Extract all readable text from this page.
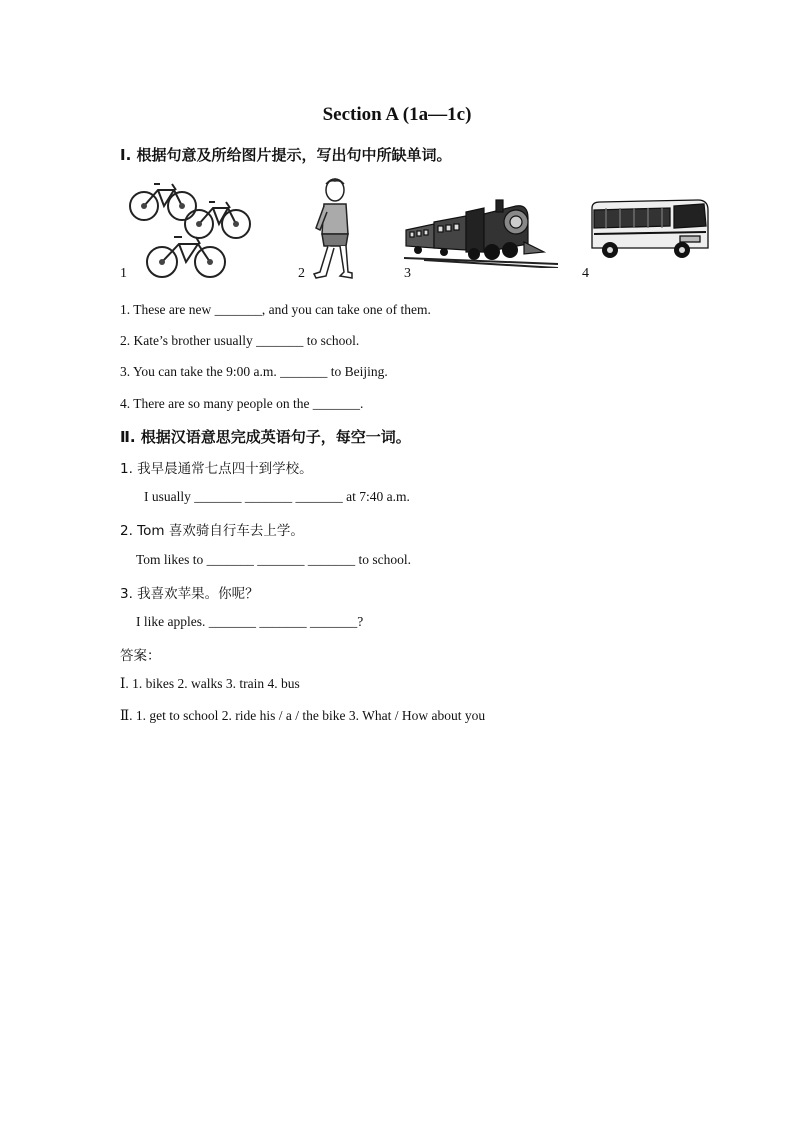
Section A (1a—1c)
Ⅰ. 根据句意及所给图片提示，写出句中所缺单词。
1	2	3	4
1. These are new _______, and you can take one of them.
2. Kate’s brother usually _______ to school.
3. You can take the 9:00 a.m. _______ to Beijing.
4. There are so many people on the _______.
Ⅱ. 根据汉语意思完成英语句子，每空一词。
1. 我早晨通常七点四十到学校。
I usually _______ _______ _______ at 7:40 a.m.
2. Tom 喜欢骑自行车去上学。
Tom likes to _______ _______ _______ to school.
3. 我喜欢苹果。你呢？
I like apples. _______ _______ _______?
答案：
Ⅰ. 1. bikes 2. walks 3. train 4. bus
Ⅱ. 1. get to school 2. ride his / a / the bike 3. What / How about you
